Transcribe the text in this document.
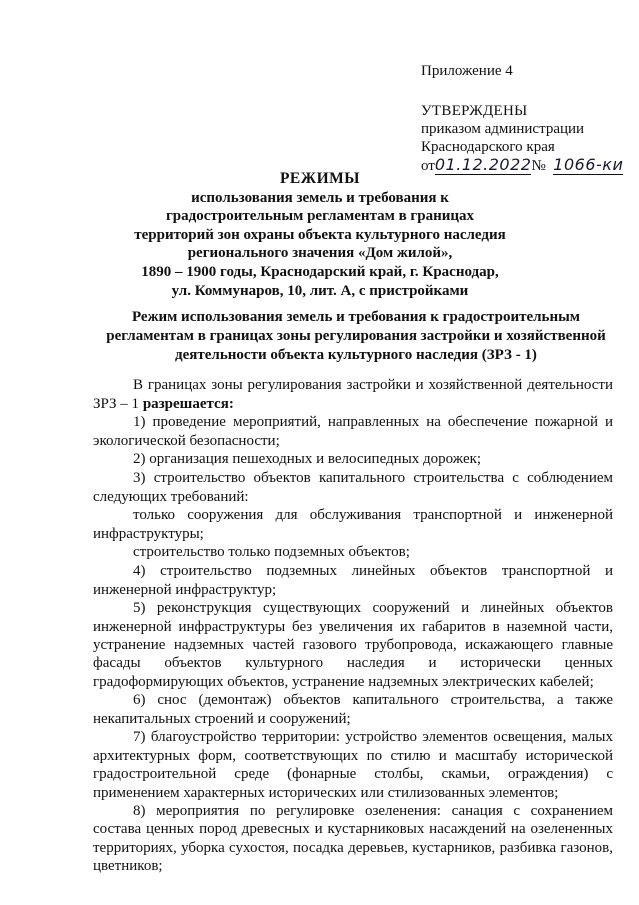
Приложение 4
УТВЕРЖДЕНЫ
приказом администрации
Краснодарского края
от01.12.2022№ 1066-ки
РЕЖИМЫ
использования земель и требования к
градостроительным регламентам в границах
территорий зон охраны объекта культурного наследия
регионального значения «Дом жилой»,
1890 – 1900 годы, Краснодарский край, г. Краснодар,
ул. Коммунаров, 10, лит. А, с пристройками
Режим использования земель и требования к градостроительным
регламентам в границах зоны регулирования застройки и хозяйственной
деятельности объекта культурного наследия (ЗРЗ - 1)

В границах зоны регулирования застройки и хозяйственной деятельности ЗРЗ – 1 разрешается:

1) проведение мероприятий, направленных на обеспечение пожарной и экологической безопасности;

2) организация пешеходных и велосипедных дорожек;

3) строительство объектов капитального строительства с соблюдением следующих требований:

только сооружения для обслуживания транспортной и инженерной инфраструктуры;

строительство только подземных объектов;

4) строительство подземных линейных объектов транспортной и инженерной инфраструктур;

5) реконструкция существующих сооружений и линейных объектов инженерной инфраструктуры без увеличения их габаритов в наземной части, устранение надземных частей газового трубопровода, искажающего главные фасады объектов культурного наследия и исторически ценных градоформирующих объектов, устранение надземных электрических кабелей;

6) снос (демонтаж) объектов капитального строительства, а также некапитальных строений и сооружений;

7) благоустройство территории: устройство элементов освещения, малых архитектурных форм, соответствующих по стилю и масштабу исторической градостроительной среде (фонарные столбы, скамьи, ограждения) с применением характерных исторических или стилизованных элементов;

8) мероприятия по регулировке озеленения: санация с сохранением состава ценных пород древесных и кустарниковых насаждений на озелененных территориях, уборка сухостоя, посадка деревьев, кустарников, разбивка газонов, цветников;
